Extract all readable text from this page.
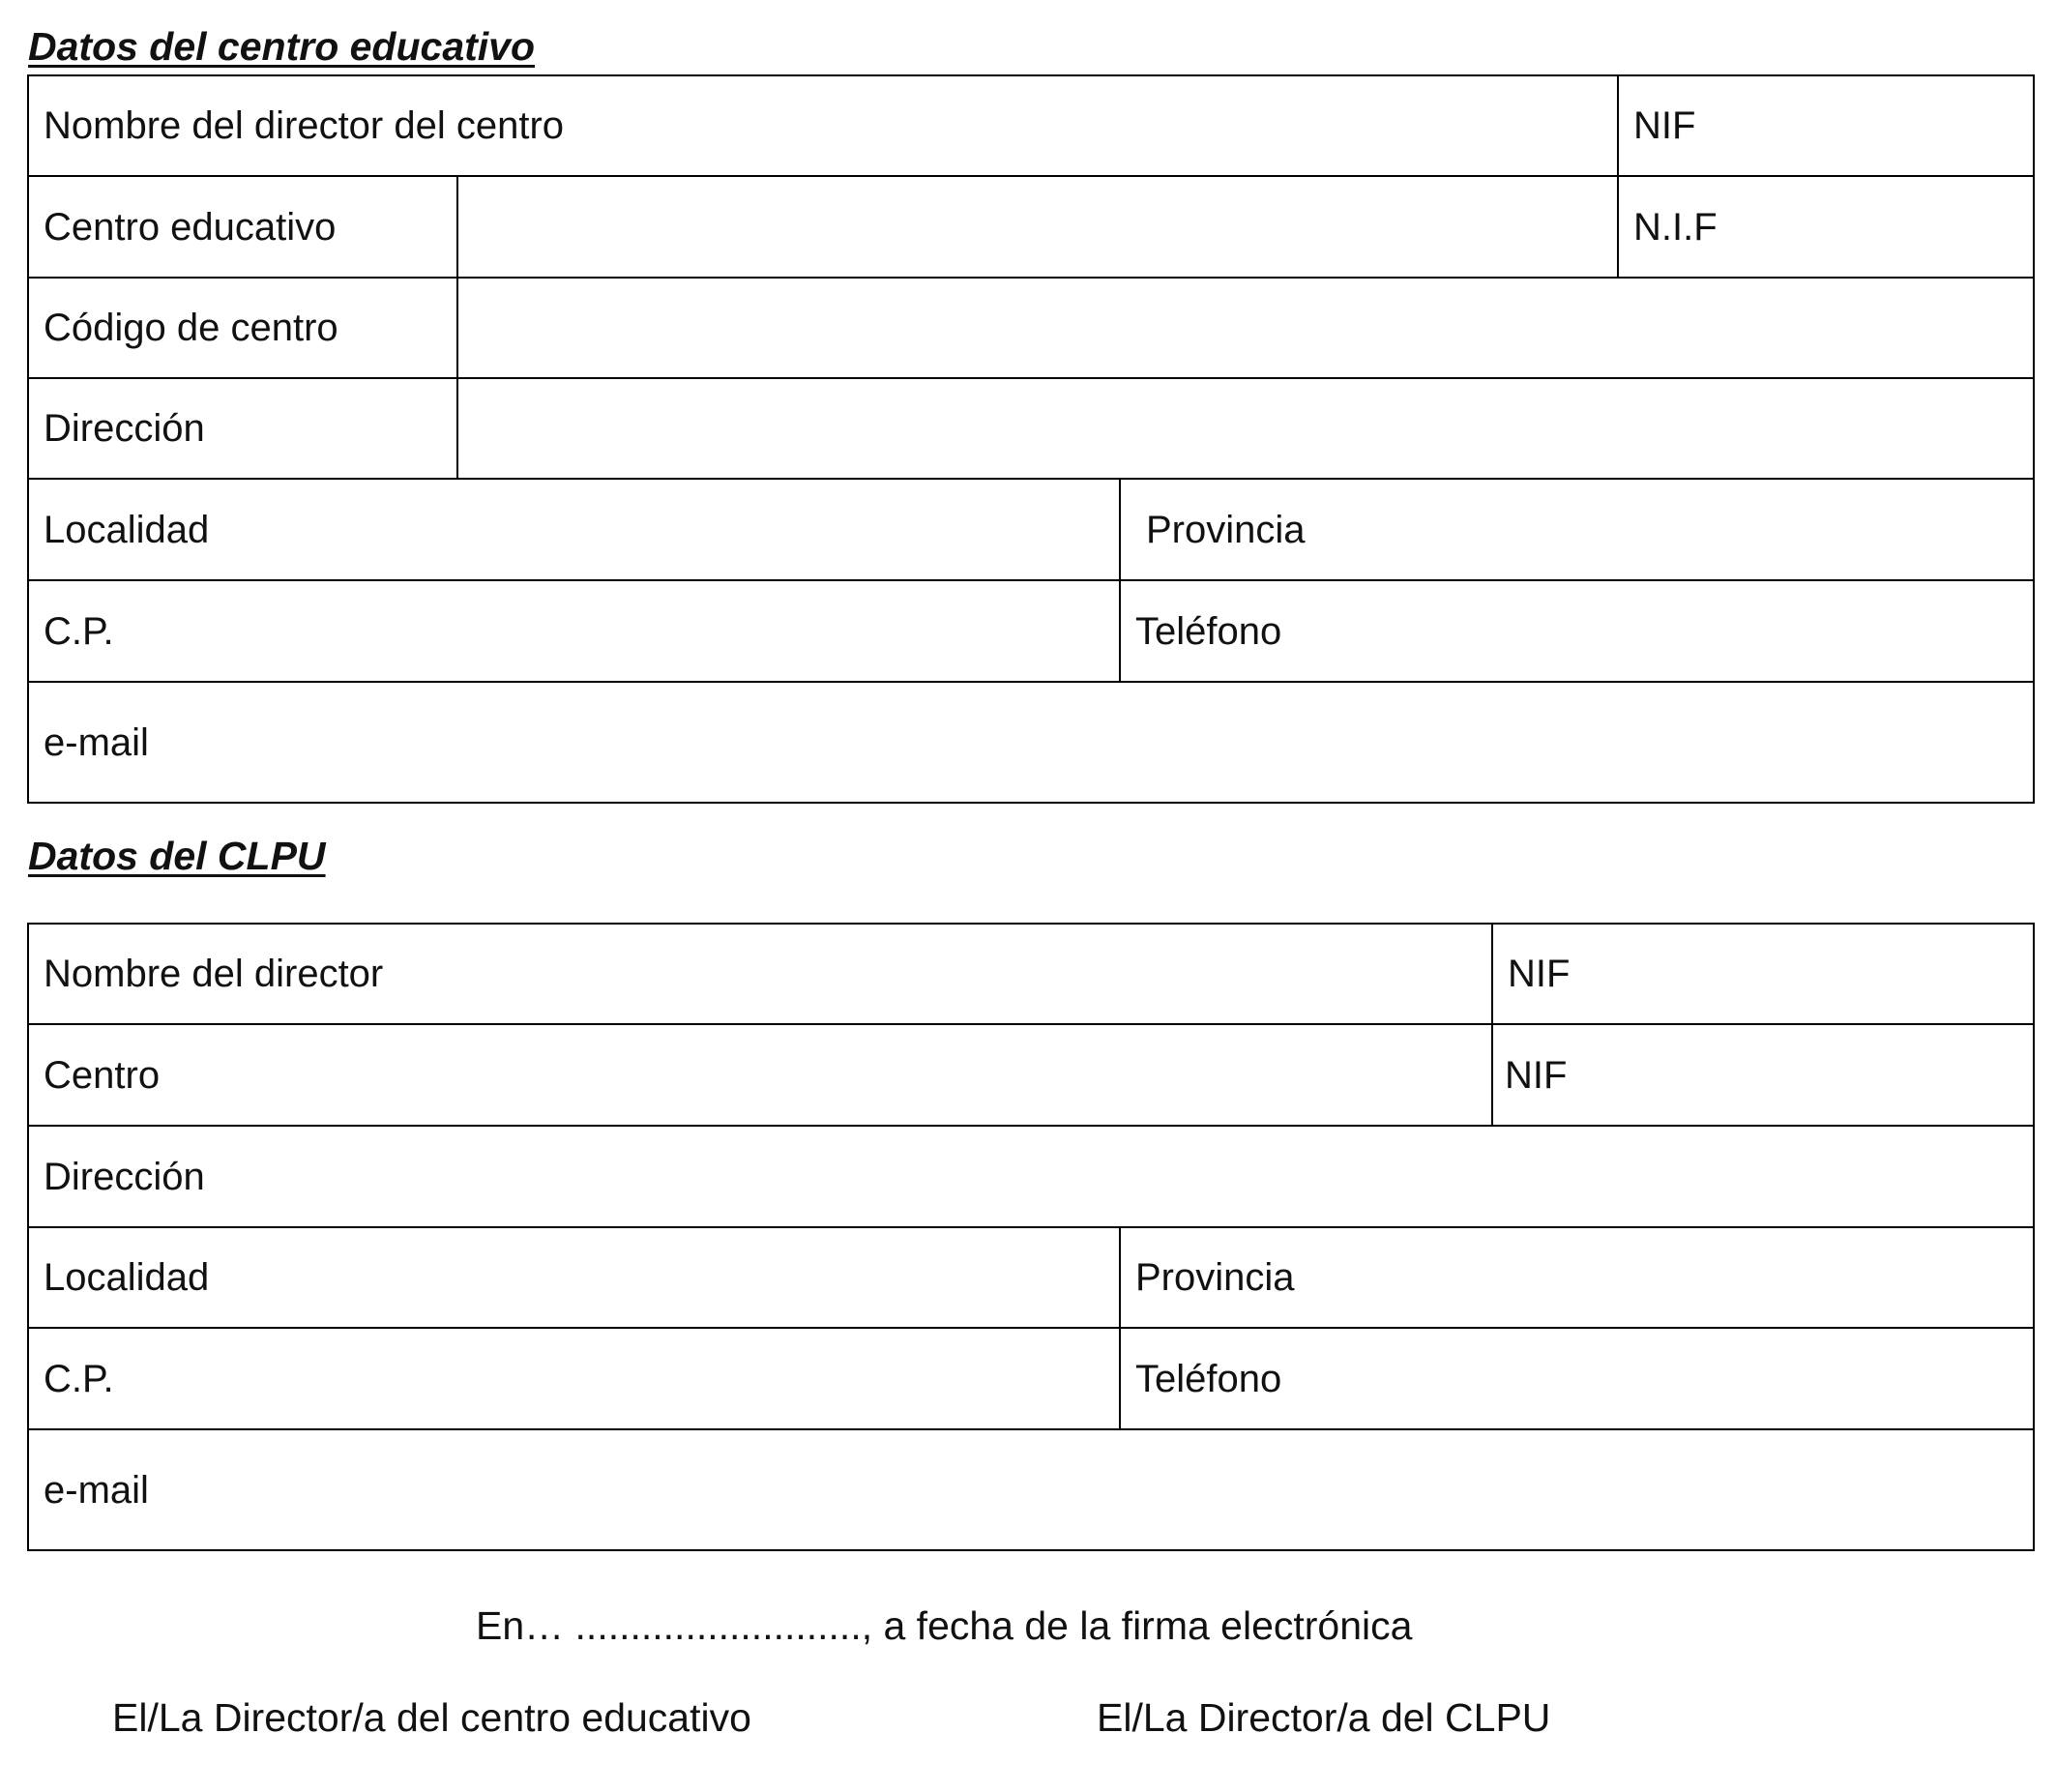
Datos del centro educativo
Nombre del director del centro	NIF
Centro educativo	N.I.F
Código de centro
Dirección
Localidad	Provincia
C.P.	Teléfono
e-mail
Datos del CLPU
Nombre del director	NIF
Centro	NIF
Dirección
Localidad	Provincia
C.P.	Teléfono
e-mail
En… .........................., a fecha de la firma electrónica
El/La Director/a del centro educativo	El/La Director/a del CLPU
